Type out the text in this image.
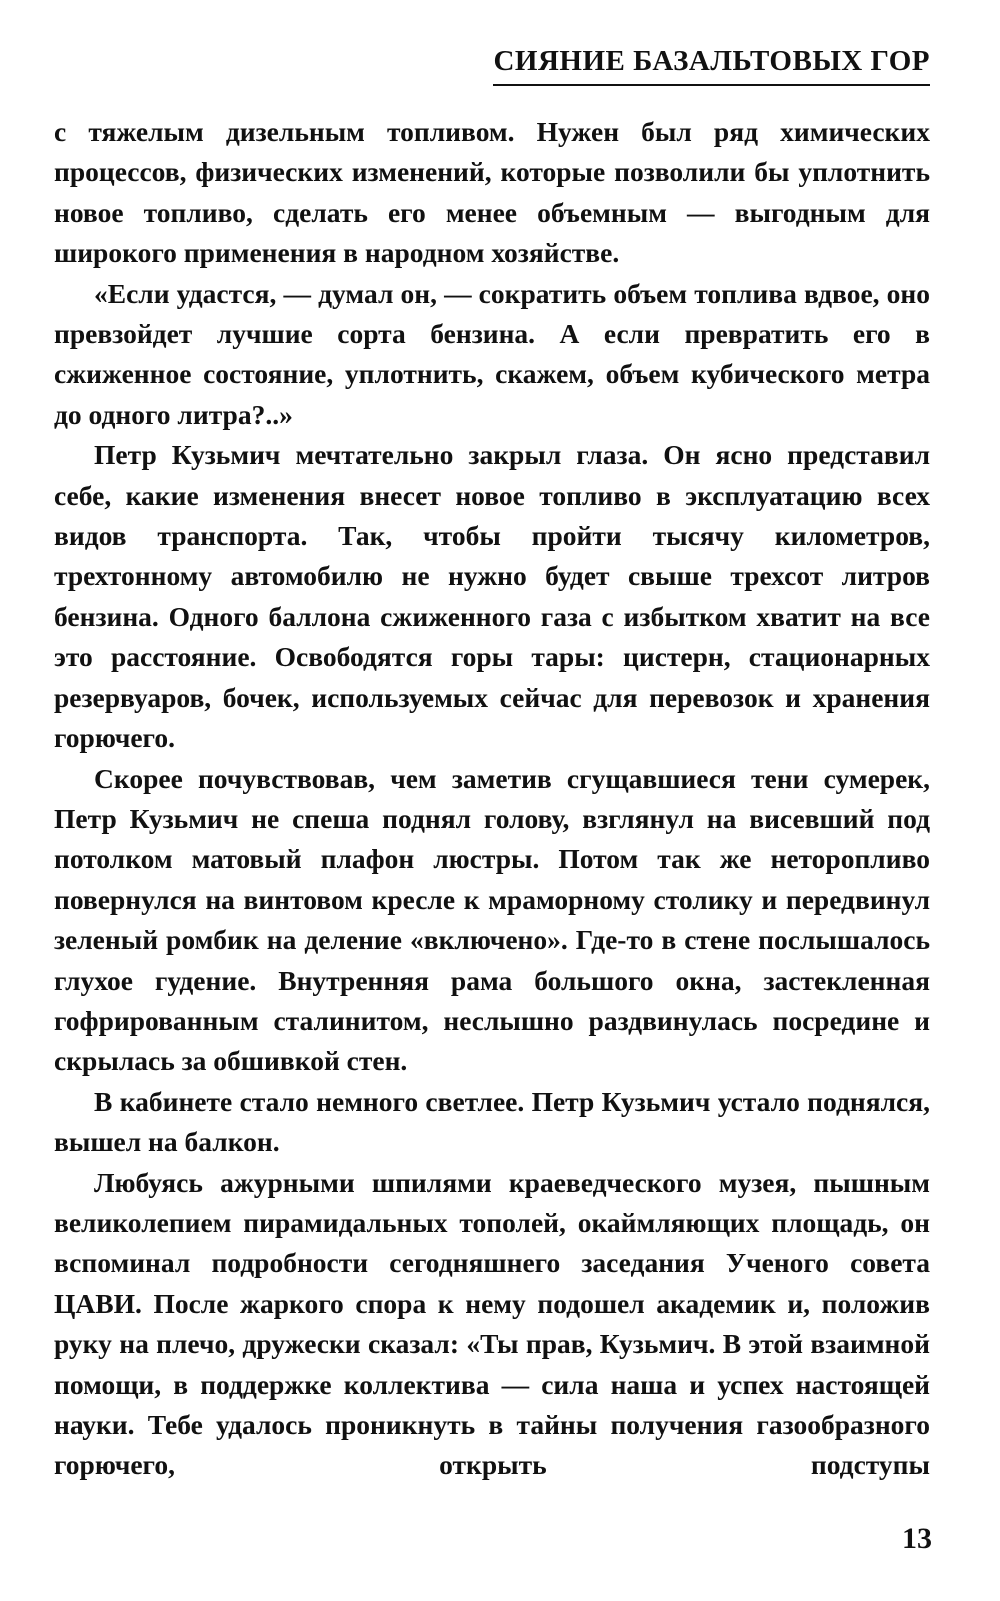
СИЯНИЕ БАЗАЛЬТОВЫХ ГОР

с тяжелым дизельным топливом. Нужен был ряд химических процессов, физических изменений, которые позволили бы уплотнить новое топливо, сделать его менее объемным — выгодным для широкого применения в народном хозяйстве.

«Если удастся, — думал он, — сократить объем топлива вдвое, оно превзойдет лучшие сорта бензина. А если превратить его в сжиженное состояние, уплотнить, скажем, объем кубического метра до одного литра?..»

Петр Кузьмич мечтательно закрыл глаза. Он ясно представил себе, какие изменения внесет новое топливо в эксплуатацию всех видов транспорта. Так, чтобы пройти тысячу километров, трехтонному автомобилю не нужно будет свыше трехсот литров бензина. Одного баллона сжиженного газа с избытком хватит на все это расстояние. Освободятся горы тары: цистерн, стационарных резервуаров, бочек, используемых сейчас для перевозок и хранения горючего.

Скорее почувствовав, чем заметив сгущавшиеся тени сумерек, Петр Кузьмич не спеша поднял голову, взглянул на висевший под потолком матовый плафон люстры. Потом так же неторопливо повернулся на винтовом кресле к мраморному столику и передвинул зеленый ромбик на деление «включено». Где-то в стене послышалось глухое гудение. Внутренняя рама большого окна, застекленная гофрированным сталинитом, неслышно раздвинулась посредине и скрылась за обшивкой стен.

В кабинете стало немного светлее. Петр Кузьмич устало поднялся, вышел на балкон.

Любуясь ажурными шпилями краеведческого музея, пышным великолепием пирамидальных тополей, окаймляющих площадь, он вспоминал подробности сегодняшнего заседания Ученого совета ЦАВИ. После жаркого спора к нему подошел академик и, положив руку на плечо, дружески сказал: «Ты прав, Кузьмич. В этой взаимной помощи, в поддержке коллектива — сила наша и успех настоящей науки. Тебе удалось проникнуть в тайны получения газообразного горючего, открыть подступы

13
